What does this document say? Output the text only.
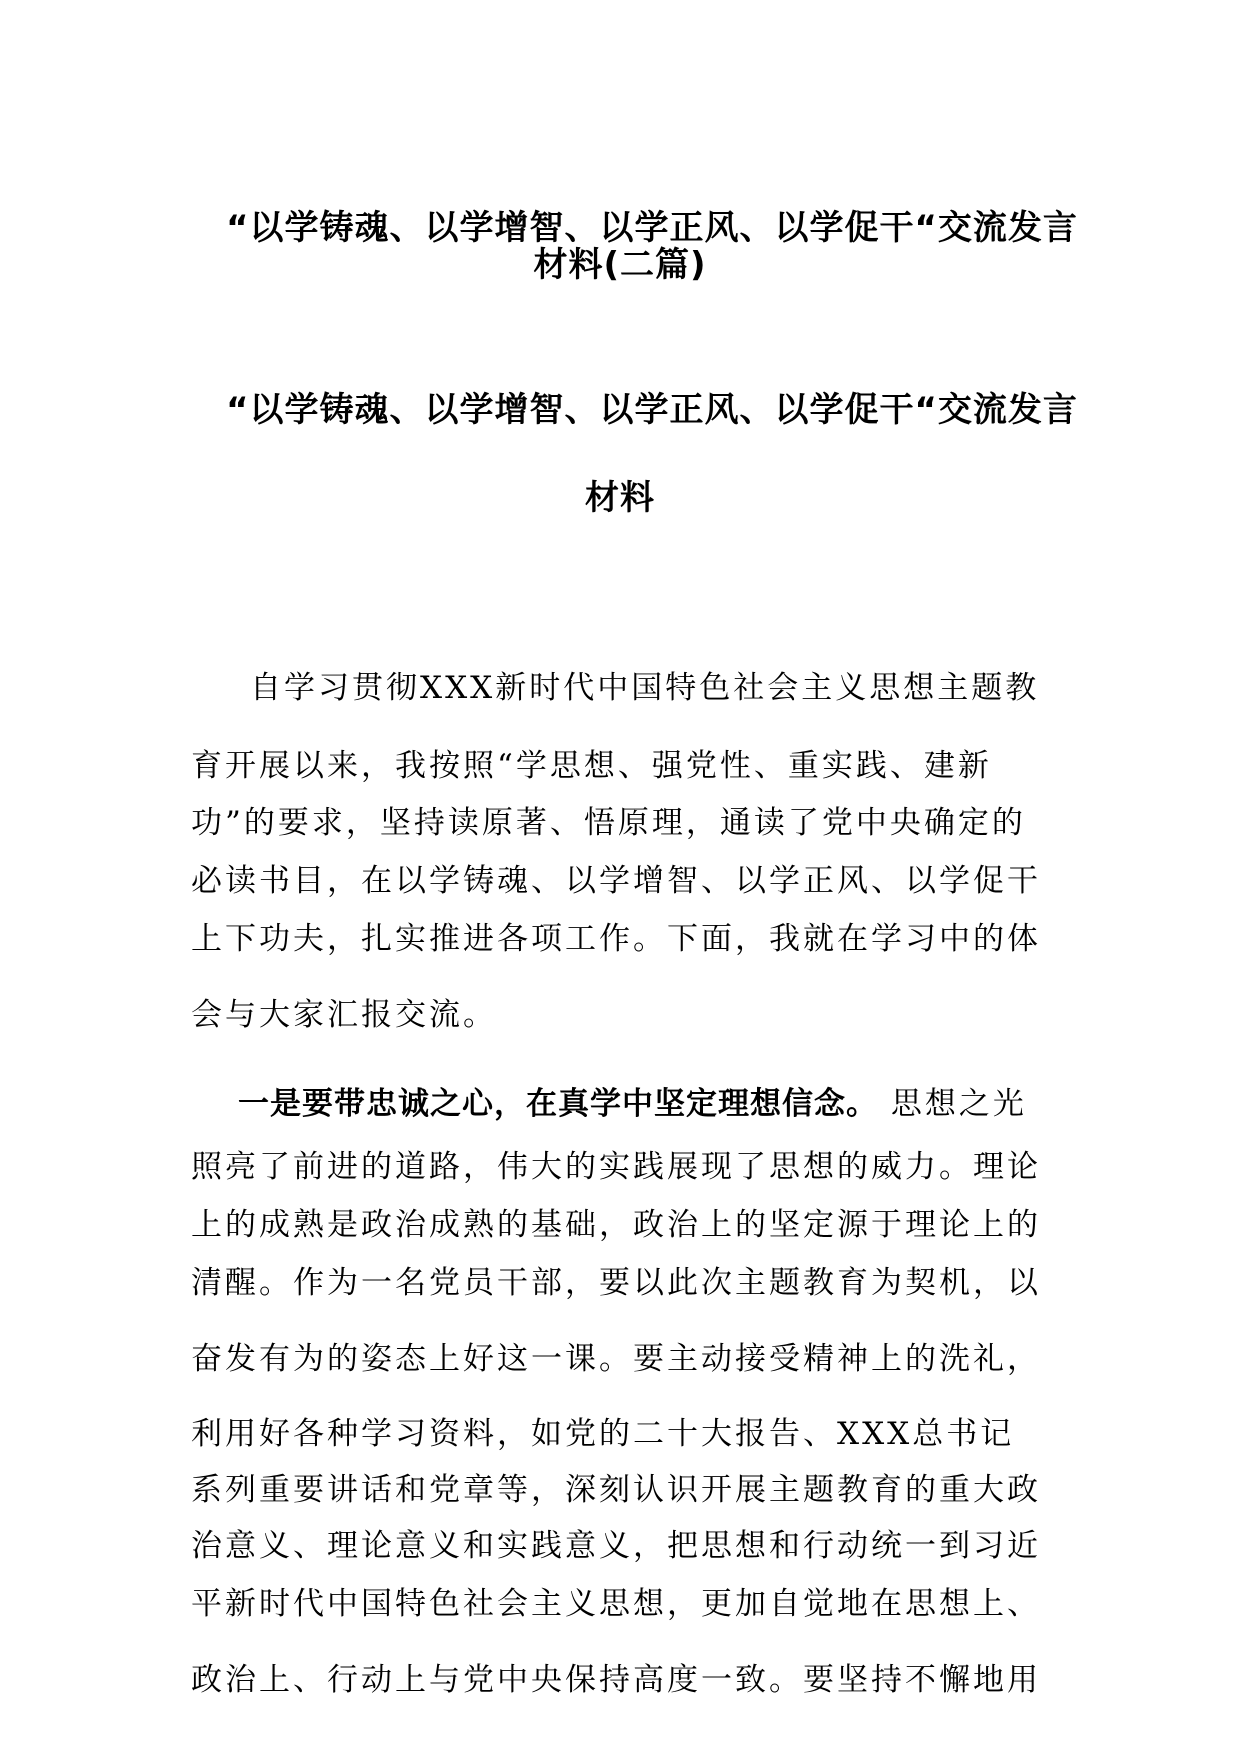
“以学铸魂、以学增智、以学正风、以学促干“交流发言
材料(二篇)
“以学铸魂、以学增智、以学正风、以学促干“交流发言
材料
自学习贯彻XXX新时代中国特色社会主义思想主题教
育开展以来，我按照“学思想、强党性、重实践、建新
功”的要求，坚持读原著、悟原理，通读了党中央确定的
必读书目，在以学铸魂、以学增智、以学正风、以学促干
上下功夫，扎实推进各项工作。下面，我就在学习中的体
会与大家汇报交流。
一是要带忠诚之心，在真学中坚定理想信念。 思想之光
照亮了前进的道路，伟大的实践展现了思想的威力。理论
上的成熟是政治成熟的基础，政治上的坚定源于理论上的
清醒。作为一名党员干部，要以此次主题教育为契机，以
奋发有为的姿态上好这一课。要主动接受精神上的洗礼，
利用好各种学习资料，如党的二十大报告、XXX总书记
系列重要讲话和党章等，深刻认识开展主题教育的重大政
治意义、理论意义和实践意义，把思想和行动统一到习近
平新时代中国特色社会主义思想，更加自觉地在思想上、
政治上、行动上与党中央保持高度一致。要坚持不懈地用
